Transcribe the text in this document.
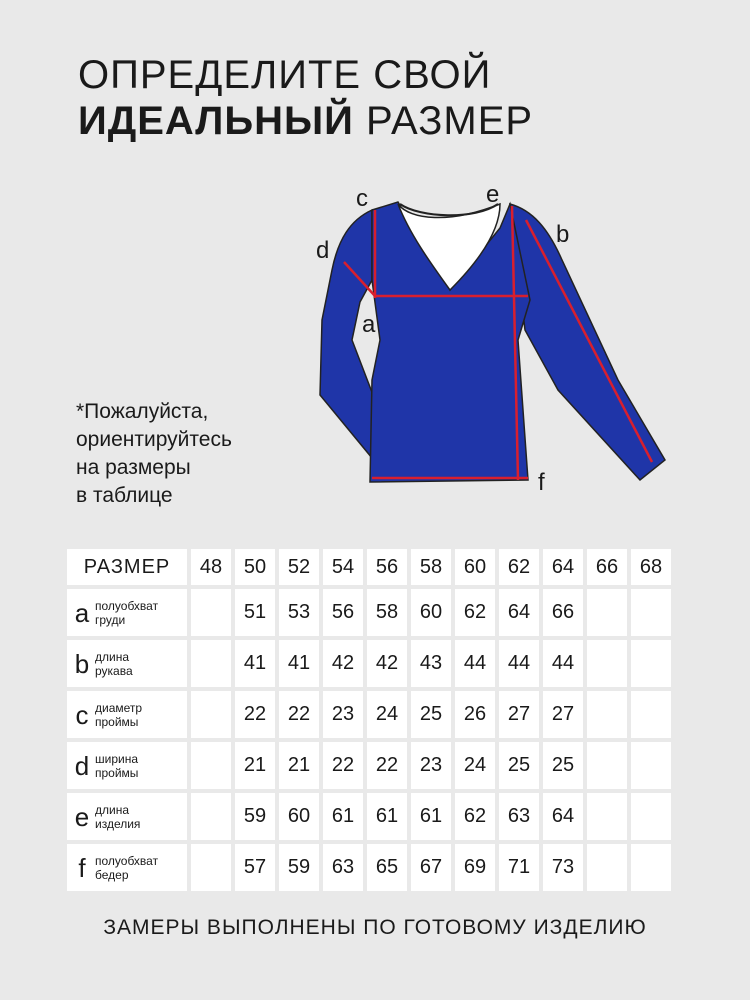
ОПРЕДЕЛИТЕ СВОЙ
ИДЕАЛЬНЫЙ РАЗМЕР
*Пожалуйста,
ориентируйтесь
на размеры
в таблице
c	e
b
d
a
f
РАЗМЕР	48	50	52	54	56	58	60	62	64	66	68

a полуобхват
груди		51	53	56	58	60	62	64	66		

b длина
рукава		41	41	42	42	43	44	44	44		

c диаметр
проймы		22	22	23	24	25	26	27	27		

d ширина
проймы		21	21	22	22	23	24	25	25		

e длина
изделия		59	60	61	61	61	62	63	64		

f полуобхват
бедер		57	59	63	65	67	69	71	73		
ЗАМЕРЫ ВЫПОЛНЕНЫ ПО ГОТОВОМУ ИЗДЕЛИЮ
